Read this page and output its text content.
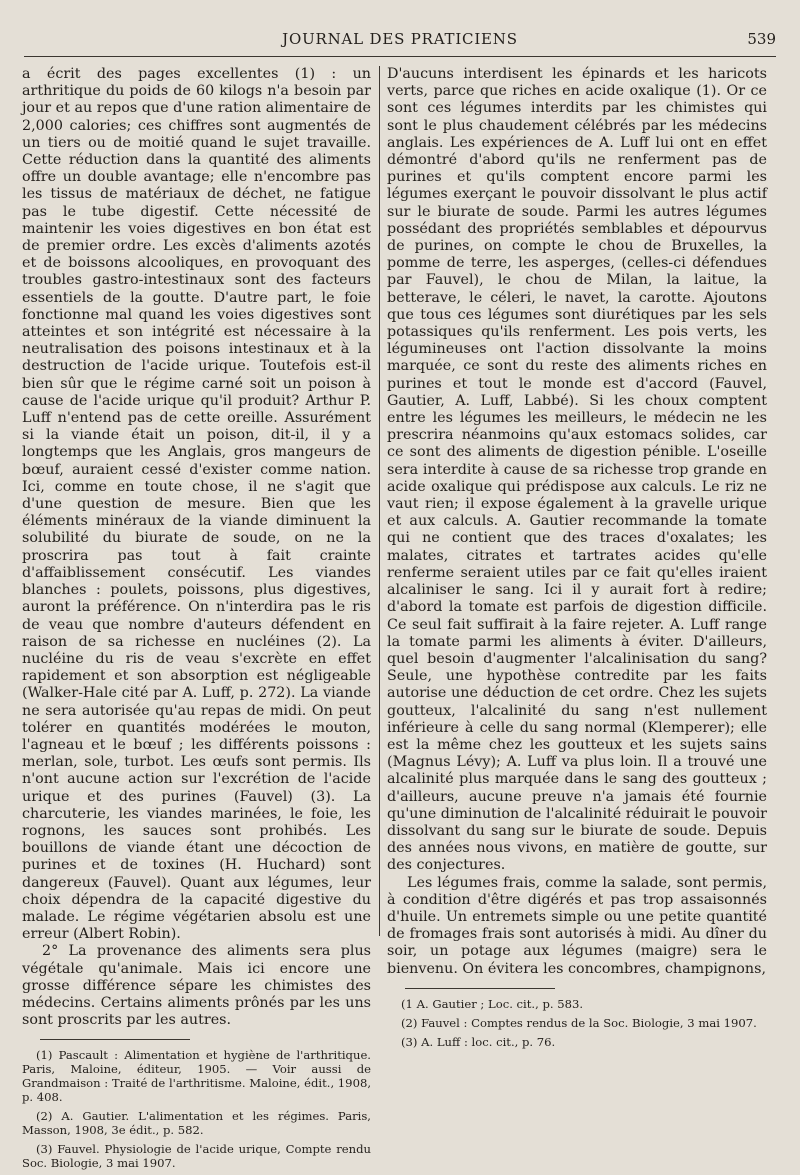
JOURNAL DES PRATICIENS	539

a écrit des pages excellentes (1) : un arthritique du poids de 60 kilogs n'a besoin par jour et au repos que d'une ration alimentaire de 2,000 calories; ces chiffres sont augmentés de un tiers ou de moitié quand le sujet travaille. Cette réduction dans la quantité des aliments offre un double avantage; elle n'encombre pas les tissus de matériaux de déchet, ne fatigue pas le tube digestif. Cette nécessité de maintenir les voies digestives en bon état est de premier ordre. Les excès d'aliments azotés et de boissons alcooliques, en provoquant des troubles gastro-intestinaux sont des facteurs essentiels de la goutte. D'autre part, le foie fonctionne mal quand les voies digestives sont atteintes et son intégrité est nécessaire à la neutralisation des poisons intestinaux et à la destruction de l'acide urique. Toutefois est-il bien sûr que le régime carné soit un poison à cause de l'acide urique qu'il produit? Arthur P. Luff n'entend pas de cette oreille. Assurément si la viande était un poison, dit-il, il y a longtemps que les Anglais, gros mangeurs de bœuf, auraient cessé d'exister comme nation. Ici, comme en toute chose, il ne s'agit que d'une question de mesure. Bien que les éléments minéraux de la viande diminuent la solubilité du biurate de soude, on ne la proscrira pas tout à fait crainte d'affaiblissement consécutif. Les viandes blanches : poulets, poissons, plus digestives, auront la préférence. On n'interdira pas le ris de veau que nombre d'auteurs défendent en raison de sa richesse en nucléines (2). La nucléine du ris de veau s'excrète en effet rapidement et son absorption est négligeable (Walker-Hale cité par A. Luff, p. 272). La viande ne sera autorisée qu'au repas de midi. On peut tolérer en quantités modérées le mouton, l'agneau et le bœuf ; les différents poissons : merlan, sole, turbot. Les œufs sont permis. Ils n'ont aucune action sur l'excrétion de l'acide urique et des purines (Fauvel) (3). La charcuterie, les viandes marinées, le foie, les rognons, les sauces sont prohibés. Les bouillons de viande étant une décoction de purines et de toxines (H. Huchard) sont dangereux (Fauvel). Quant aux légumes, leur choix dépendra de la capacité digestive du malade. Le régime végétarien absolu est une erreur (Albert Robin).

2° La provenance des aliments sera plus végétale qu'animale. Mais ici encore une grosse différence sépare les chimistes des médecins. Certains aliments prônés par les uns sont proscrits par les autres.

(1) Pascault : Alimentation et hygiène de l'arthritique. Paris, Maloine, éditeur, 1905. — Voir aussi de Grandmaison : Traité de l'arthritisme. Maloine, édit., 1908, p. 408.

(2) A. Gautier. L'alimentation et les régimes. Paris, Masson, 1908, 3e édit., p. 582.

(3) Fauvel. Physiologie de l'acide urique, Compte rendu Soc. Biologie, 3 mai 1907.

D'aucuns interdisent les épinards et les haricots verts, parce que riches en acide oxalique (1). Or ce sont ces légumes interdits par les chimistes qui sont le plus chaudement célébrés par les médecins anglais. Les expériences de A. Luff lui ont en effet démontré d'abord qu'ils ne renferment pas de purines et qu'ils comptent encore parmi les légumes exerçant le pouvoir dissolvant le plus actif sur le biurate de soude. Parmi les autres légumes possédant des propriétés semblables et dépourvus de purines, on compte le chou de Bruxelles, la pomme de terre, les asperges, (celles-ci défendues par Fauvel), le chou de Milan, la laitue, la betterave, le céleri, le navet, la carotte. Ajoutons que tous ces légumes sont diurétiques par les sels potassiques qu'ils renferment. Les pois verts, les légumineuses ont l'action dissolvante la moins marquée, ce sont du reste des aliments riches en purines et tout le monde est d'accord (Fauvel, Gautier, A. Luff, Labbé). Si les choux comptent entre les légumes les meilleurs, le médecin ne les prescrira néanmoins qu'aux estomacs solides, car ce sont des aliments de digestion pénible. L'oseille sera interdite à cause de sa richesse trop grande en acide oxalique qui prédispose aux calculs. Le riz ne vaut rien; il expose également à la gravelle urique et aux calculs. A. Gautier recommande la tomate qui ne contient que des traces d'oxalates; les malates, citrates et tartrates acides qu'elle renferme seraient utiles par ce fait qu'elles iraient alcaliniser le sang. Ici il y aurait fort à redire; d'abord la tomate est parfois de digestion difficile. Ce seul fait suffirait à la faire rejeter. A. Luff range la tomate parmi les aliments à éviter. D'ailleurs, quel besoin d'augmenter l'alcalinisation du sang? Seule, une hypothèse contredite par les faits autorise une déduction de cet ordre. Chez les sujets goutteux, l'alcalinité du sang n'est nullement inférieure à celle du sang normal (Klemperer); elle est la même chez les goutteux et les sujets sains (Magnus Lévy); A. Luff va plus loin. Il a trouvé une alcalinité plus marquée dans le sang des goutteux ; d'ailleurs, aucune preuve n'a jamais été fournie qu'une diminution de l'alcalinité réduirait le pouvoir dissolvant du sang sur le biurate de soude. Depuis des années nous vivons, en matière de goutte, sur des conjectures.

Les légumes frais, comme la salade, sont permis, à condition d'être digérés et pas trop assaisonnés d'huile. Un entremets simple ou une petite quantité de fromages frais sont autorisés à midi. Au dîner du soir, un potage aux légumes (maigre) sera le bienvenu. On évitera les concombres, champignons,

(1 A. Gautier ; Loc. cit., p. 583.

(2) Fauvel : Comptes rendus de la Soc. Biologie, 3 mai 1907.

(3) A. Luff : loc. cit., p. 76.
